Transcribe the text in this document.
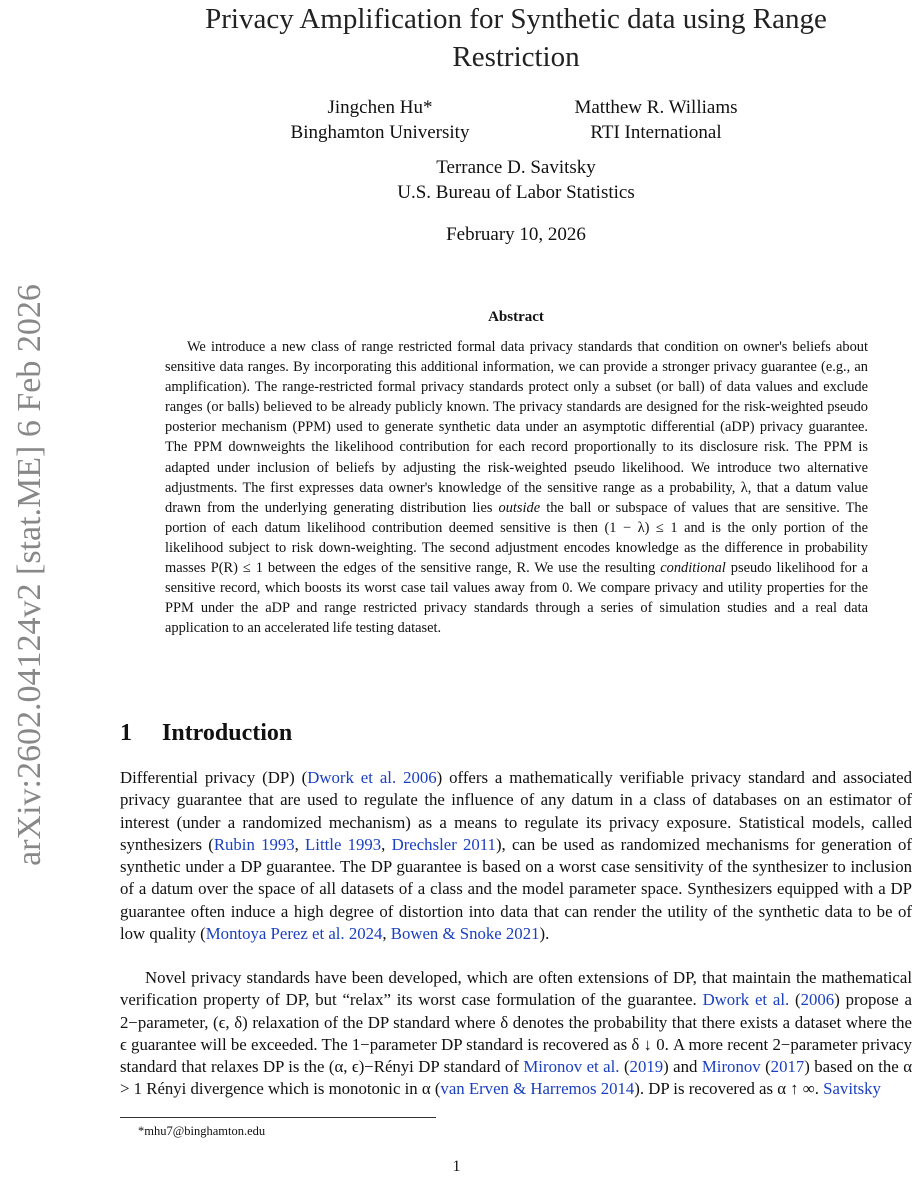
arXiv:2602.04124v2 [stat.ME] 6 Feb 2026
Privacy Amplification for Synthetic data using Range Restriction
Jingchen Hu*
Binghamton University
Matthew R. Williams
RTI International
Terrance D. Savitsky
U.S. Bureau of Labor Statistics
February 10, 2026
Abstract
We introduce a new class of range restricted formal data privacy standards that condition on owner's beliefs about sensitive data ranges. By incorporating this additional information, we can provide a stronger privacy guarantee (e.g., an amplification). The range-restricted formal privacy standards protect only a subset (or ball) of data values and exclude ranges (or balls) believed to be already publicly known. The privacy standards are designed for the risk-weighted pseudo posterior mechanism (PPM) used to generate synthetic data under an asymptotic differential (aDP) privacy guarantee. The PPM downweights the likelihood contribution for each record proportionally to its disclosure risk. The PPM is adapted under inclusion of beliefs by adjusting the risk-weighted pseudo likelihood. We introduce two alternative adjustments. The first expresses data owner's knowledge of the sensitive range as a probability, λ, that a datum value drawn from the underlying generating distribution lies outside the ball or subspace of values that are sensitive. The portion of each datum likelihood contribution deemed sensitive is then (1 − λ) ≤ 1 and is the only portion of the likelihood subject to risk down-weighting. The second adjustment encodes knowledge as the difference in probability masses P(R) ≤ 1 between the edges of the sensitive range, R. We use the resulting conditional pseudo likelihood for a sensitive record, which boosts its worst case tail values away from 0. We compare privacy and utility properties for the PPM under the aDP and range restricted privacy standards through a series of simulation studies and a real data application to an accelerated life testing dataset.
1 Introduction
Differential privacy (DP) (Dwork et al. 2006) offers a mathematically verifiable privacy standard and associated privacy guarantee that are used to regulate the influence of any datum in a class of databases on an estimator of interest (under a randomized mechanism) as a means to regulate its privacy exposure. Statistical models, called synthesizers (Rubin 1993, Little 1993, Drechsler 2011), can be used as randomized mechanisms for generation of synthetic under a DP guarantee. The DP guarantee is based on a worst case sensitivity of the synthesizer to inclusion of a datum over the space of all datasets of a class and the model parameter space. Synthesizers equipped with a DP guarantee often induce a high degree of distortion into data that can render the utility of the synthetic data to be of low quality (Montoya Perez et al. 2024, Bowen & Snoke 2021).
Novel privacy standards have been developed, which are often extensions of DP, that maintain the mathematical verification property of DP, but “relax” its worst case formulation of the guarantee. Dwork et al. (2006) propose a 2−parameter, (ϵ, δ) relaxation of the DP standard where δ denotes the probability that there exists a dataset where the ϵ guarantee will be exceeded. The 1−parameter DP standard is recovered as δ ↓ 0. A more recent 2−parameter privacy standard that relaxes DP is the (α, ϵ)−Rényi DP standard of Mironov et al. (2019) and Mironov (2017) based on the α > 1 Rényi divergence which is monotonic in α (van Erven & Harremos 2014). DP is recovered as α ↑ ∞. Savitsky
*mhu7@binghamton.edu
1
